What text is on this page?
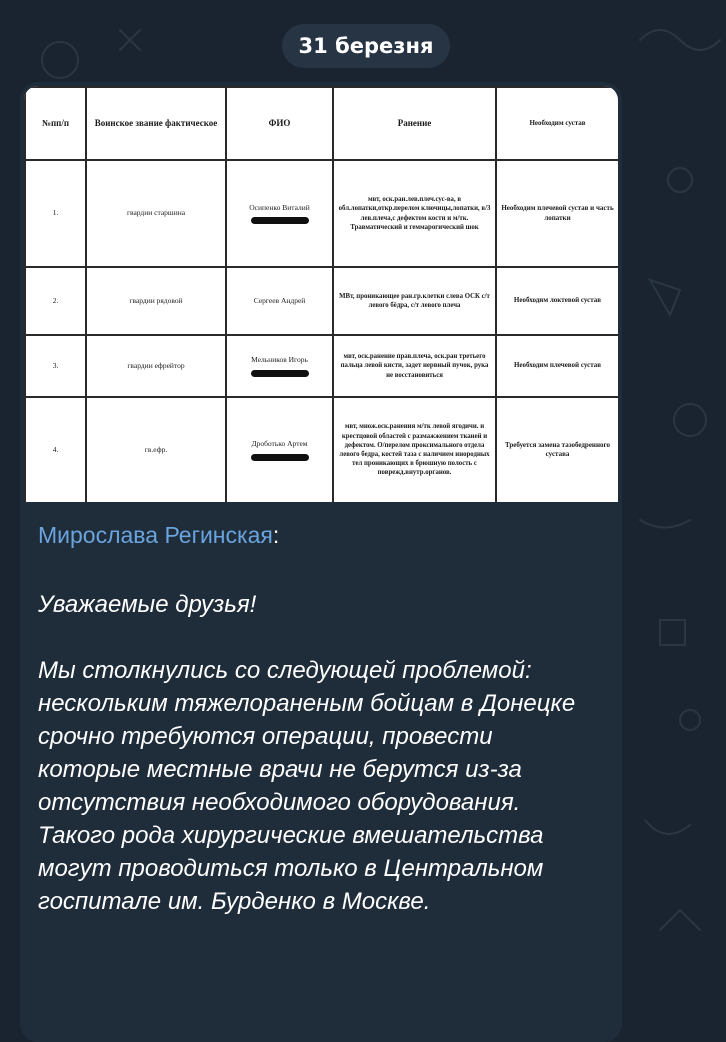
31 березня
№пп/п	Воинское звание фактическое	ФИО	Ранение	Необходим сустав
1.	гвардии старшина	Осипенко Виталий	мвт, оск.ран.лев.плеч.сус-ва, в обл.лопатки,откр.перелом ключицы,лопатки, в/3 лев.плеча,с дефектом кости и м/тк. Травматический и геммарогический шок	Необходим плечевой сустав и часть лопатки
2.	гвардии рядовой	Сергеев Андрей	МВт, проникающее ран.гр.клетки слева ОСК с/т левого бёдра, с/т левого плеча	Необходим локтевой сустав
3.	гвардии ефрейтор	Мельников Игорь	мвт, оск.ранение прав.плеча, оск.ран третьего пальца левой кисти, задет нервный пучок, рука не восстановиться	Необходим плечевой сустав
4.	гв.ефр.	Дроботько Артем	мвт, множ.оск.ранения м/тк левой ягодичи. и крестцовой областей с размажжением тканей и дефектом. О/перелом проксимального отдела левого бедра, костей таза с наличием инородных тел проникающих в брюшную полость с поврежд.внутр.органов.	Требуется замена тазобедренного сустава
Мирослава Регинская:
Уважаемые друзья!

Мы столкнулись со следующей проблемой: нескольким тяжелораненым бойцам в Донецке срочно требуются операции, провести которые местные врачи не берутся из-за отсутствия необходимого оборудования. Такого рода хирургические вмешательства могут проводиться только в Центральном госпитале им. Бурденко в Москве.
